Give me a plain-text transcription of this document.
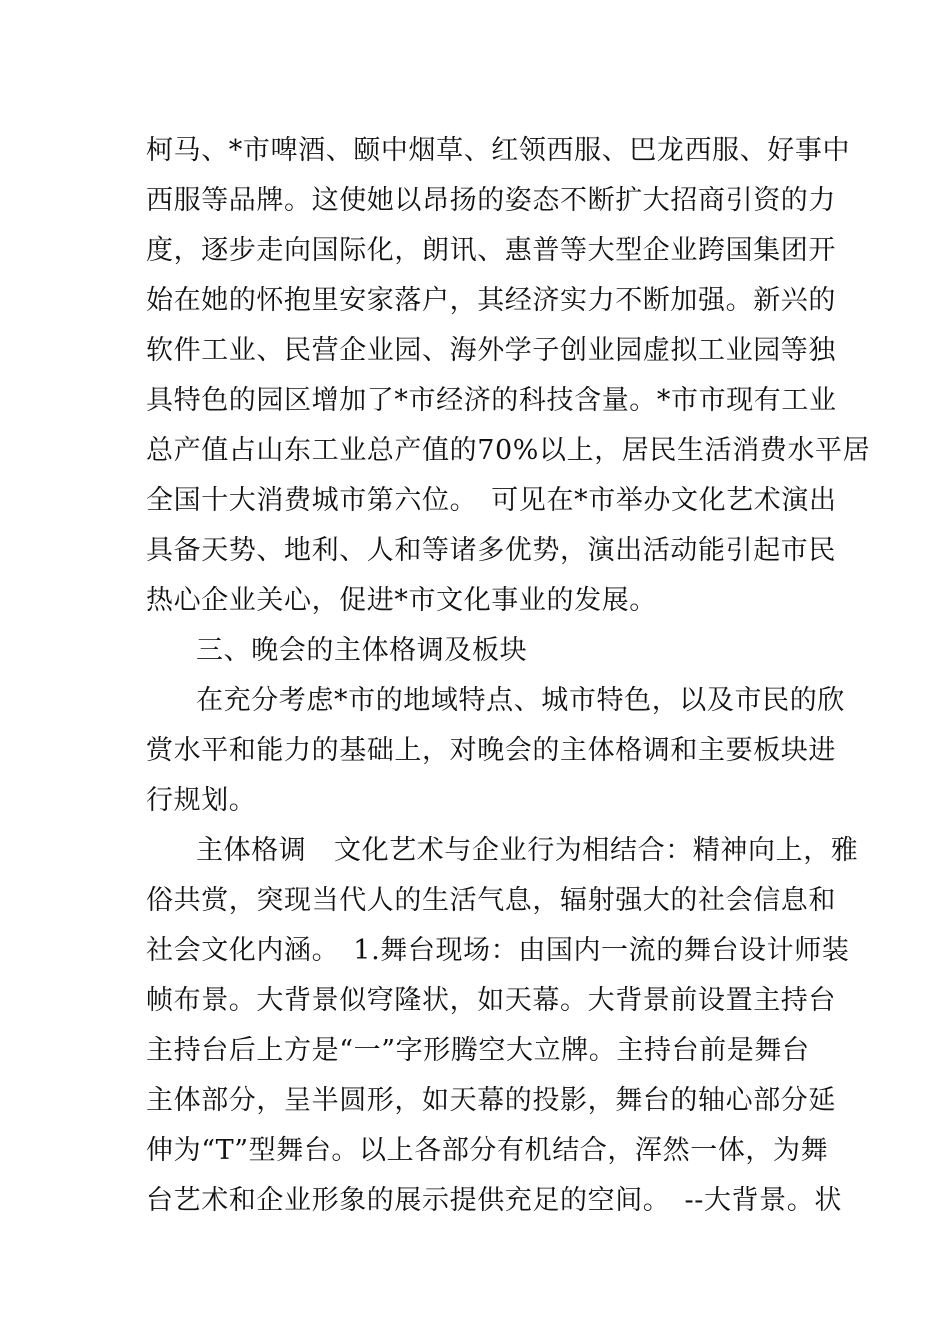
柯马、*市啤酒、颐中烟草、红领西服、巴龙西服、好事中
西服等品牌。这使她以昂扬的姿态不断扩大招商引资的力
度，逐步走向国际化，朗讯、惠普等大型企业跨国集团开
始在她的怀抱里安家落户，其经济实力不断加强。新兴的
软件工业、民营企业园、海外学子创业园虚拟工业园等独
具特色的园区增加了*市经济的科技含量。*市市现有工业
总产值占山东工业总产值的70%以上，居民生活消费水平居
全国十大消费城市第六位。　可见在*市举办文化艺术演出
具备天势、地利、人和等诸多优势，演出活动能引起市民
热心企业关心，促进*市文化事业的发展。
三、晚会的主体格调及板块
在充分考虑*市的地域特点、城市特色，以及市民的欣
赏水平和能力的基础上，对晚会的主体格调和主要板块进
行规划。
主体格调　文化艺术与企业行为相结合：精神向上，雅
俗共赏，突现当代人的生活气息，辐射强大的社会信息和
社会文化内涵。　1.舞台现场：由国内一流的舞台设计师装
帧布景。大背景似穹隆状，如天幕。大背景前设置主持台
主持台后上方是“一”字形腾空大立牌。主持台前是舞台
主体部分，呈半圆形，如天幕的投影，舞台的轴心部分延
伸为“T”型舞台。以上各部分有机结合，浑然一体，为舞
台艺术和企业形象的展示提供充足的空间。　--大背景。状
